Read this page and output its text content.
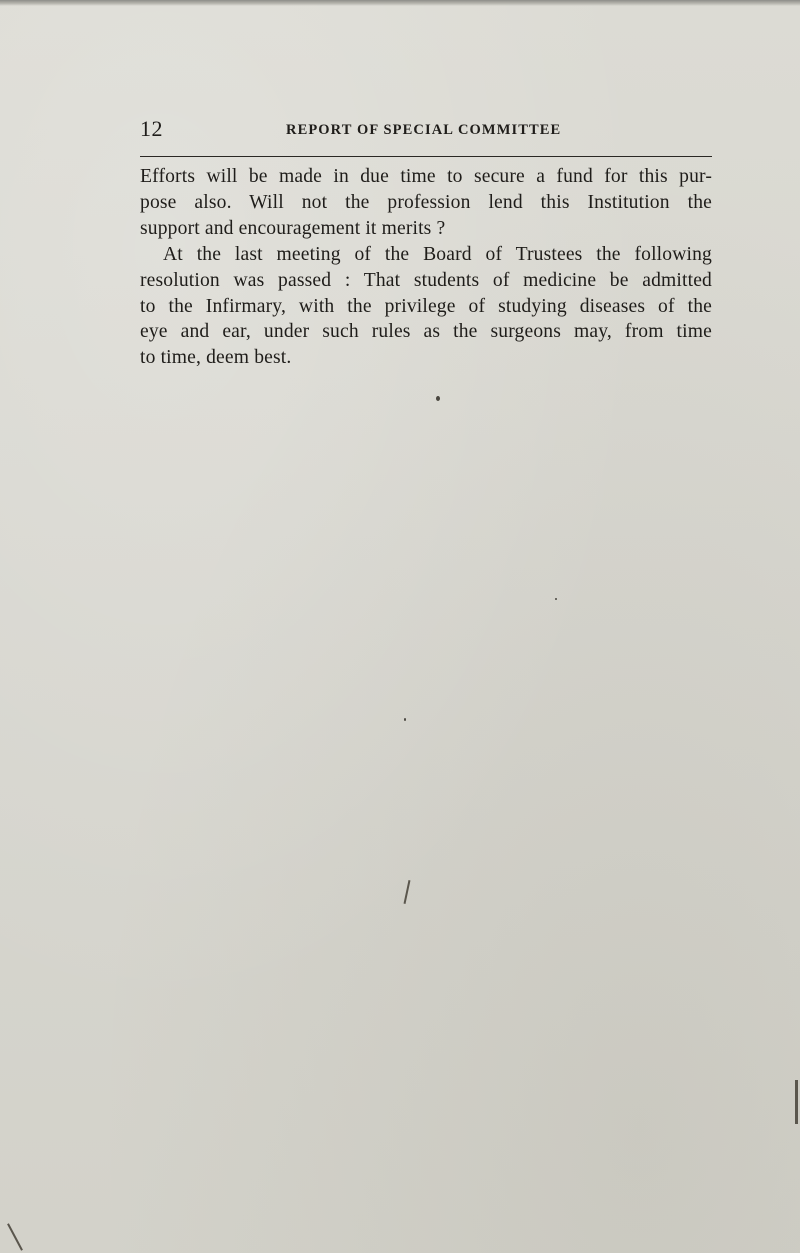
12	REPORT OF SPECIAL COMMITTEE
Efforts will be made in due time to secure a fund for this pur-
pose also. Will not the profession lend this Institution the
support and encouragement it merits ?
At the last meeting of the Board of Trustees the following
resolution was passed : That students of medicine be admitted
to the Infirmary, with the privilege of studying diseases of the
eye and ear, under such rules as the surgeons may, from time
to time, deem best.
